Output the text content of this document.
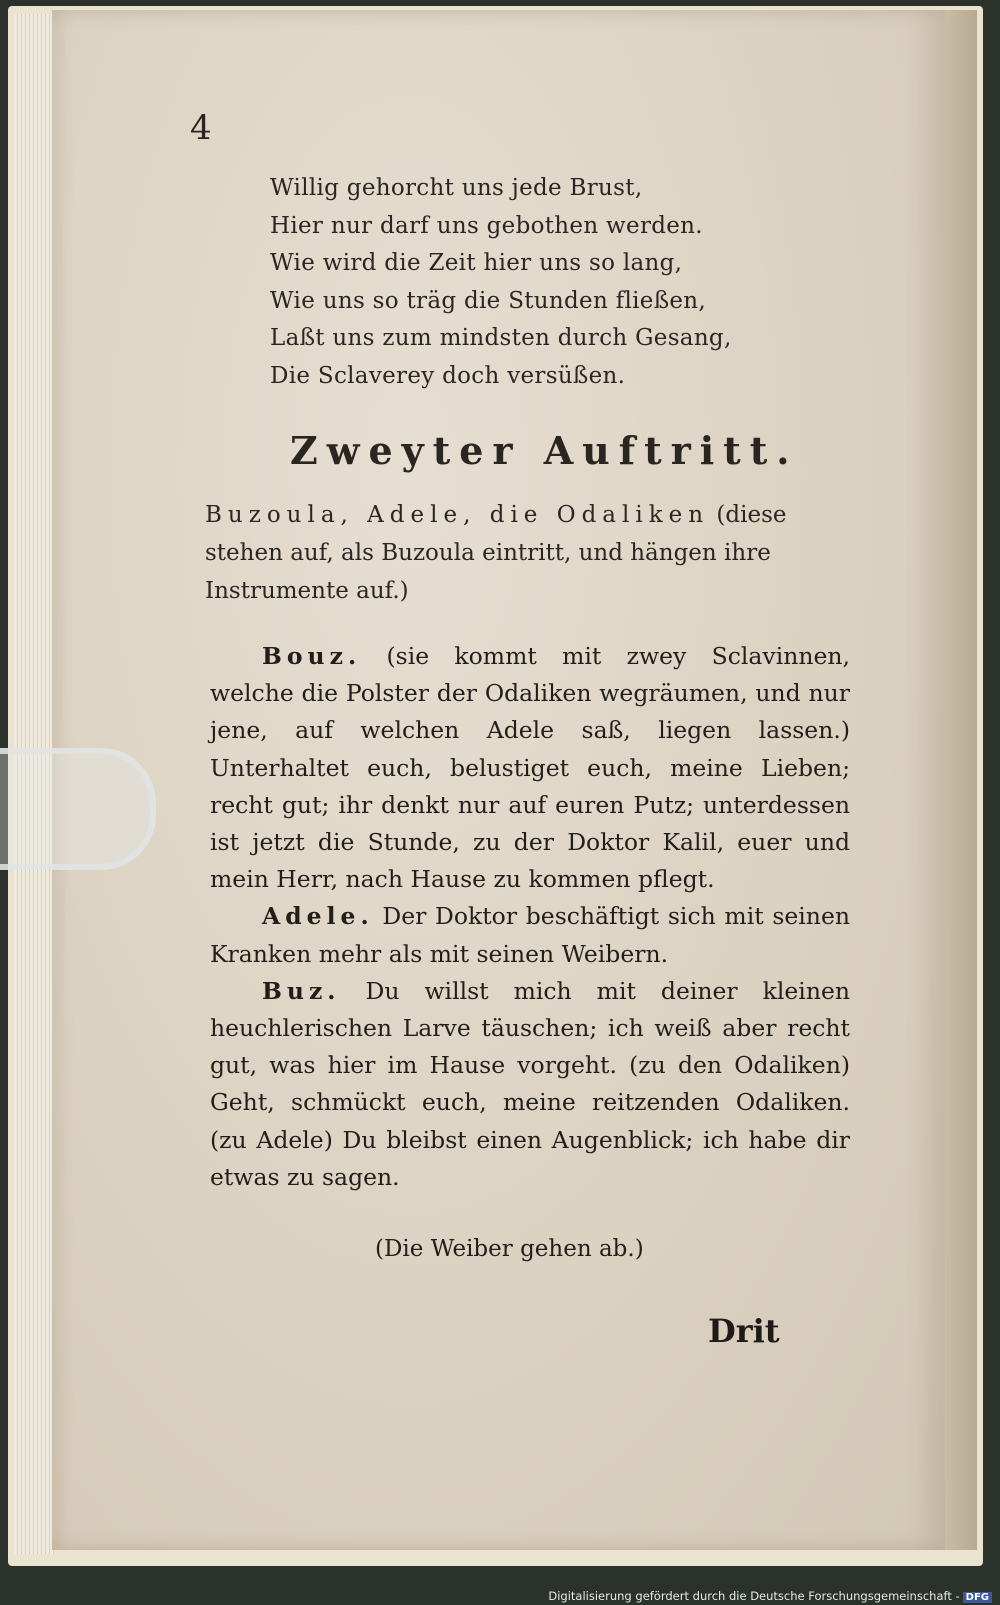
4
Willig gehorcht uns jede Brust,
Hier nur darf uns gebothen werden.
Wie wird die Zeit hier uns so lang,
Wie uns so träg die Stunden fließen,
Laßt uns zum mindsten durch Gesang,
Die Sclaverey doch versüßen.
Zweyter Auftritt.
Buzoula, Adele, die Odaliken (diese stehen auf, als Buzoula eintritt, und hängen ihre Instrumente auf.)

Bouz. (sie kommt mit zwey Sclavinnen, welche die Polster der Odaliken wegräumen, und nur jene, auf welchen Adele saß, liegen lassen.) Unterhaltet euch, belustiget euch, meine Lieben; recht gut; ihr denkt nur auf euren Putz; unterdessen ist jetzt die Stunde, zu der Doktor Kalil, euer und mein Herr, nach Hause zu kommen pflegt.

Adele. Der Doktor beschäftigt sich mit seinen Kranken mehr als mit seinen Weibern.

Buz. Du willst mich mit deiner kleinen heuchlerischen Larve täuschen; ich weiß aber recht gut, was hier im Hause vorgeht. (zu den Odaliken) Geht, schmückt euch, meine reitzenden Odaliken. (zu Adele) Du bleibst einen Augenblick; ich habe dir etwas zu sagen.

(Die Weiber gehen ab.)
Drit
Digitalisierung gefördert durch die Deutsche Forschungsgemeinschaft - DFG
